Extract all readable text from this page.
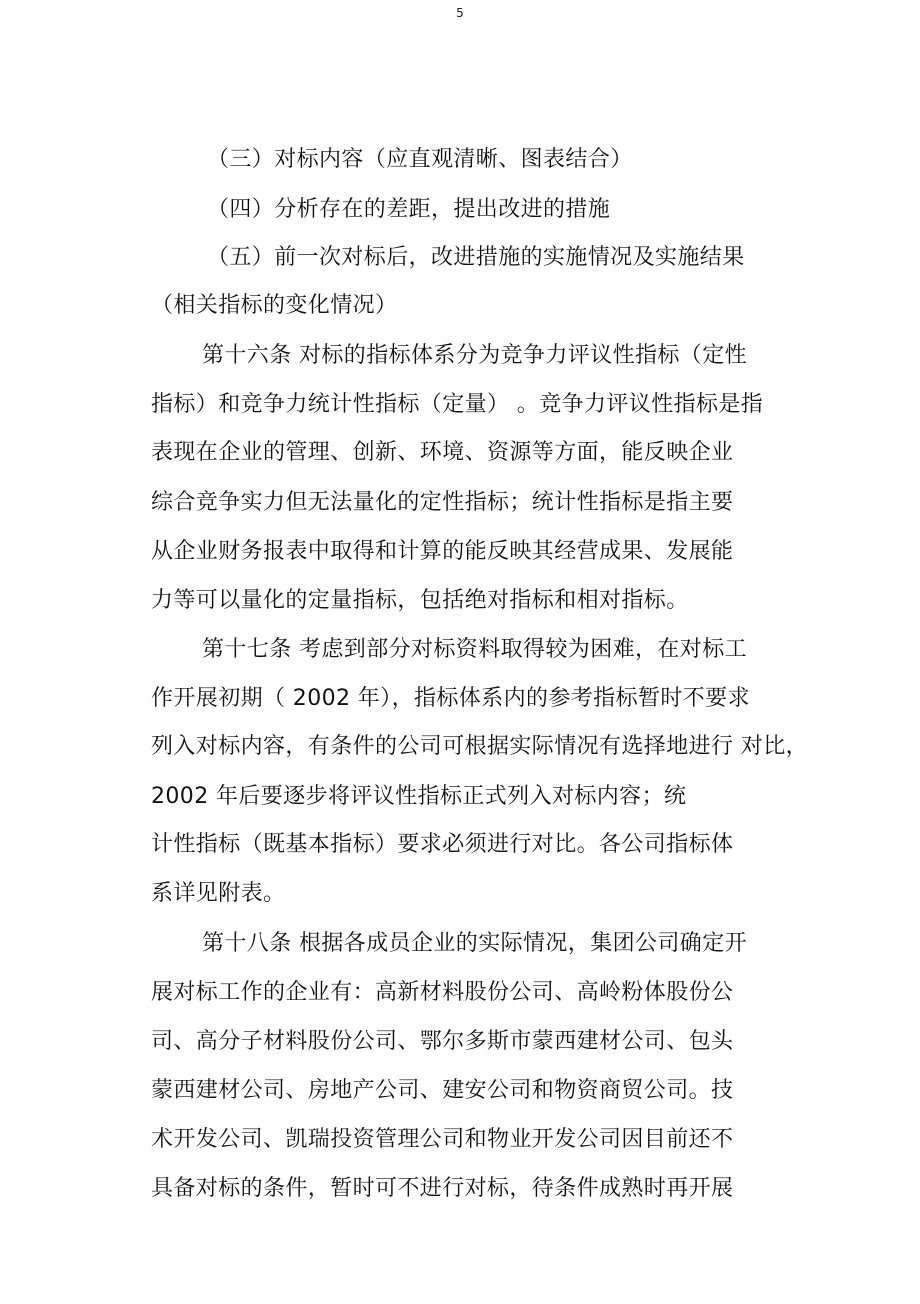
5
（三）对标内容（应直观清晰、图表结合）
（四）分析存在的差距，提出改进的措施
（五）前一次对标后，改进措施的实施情况及实施结果
（相关指标的变化情况）
第十六条 对标的指标体系分为竞争力评议性指标（定性
指标）和竞争力统计性指标（定量） 。竞争力评议性指标是指
表现在企业的管理、创新、环境、资源等方面，能反映企业
综合竞争实力但无法量化的定性指标；统计性指标是指主要
从企业财务报表中取得和计算的能反映其经营成果、发展能
力等可以量化的定量指标，包括绝对指标和相对指标。
第十七条 考虑到部分对标资料取得较为困难，在对标工
作开展初期（ 2002 年），指标体系内的参考指标暂时不要求
列入对标内容，有条件的公司可根据实际情况有选择地进行 对比，
2002 年后要逐步将评议性指标正式列入对标内容；统
计性指标（既基本指标）要求必须进行对比。各公司指标体
系详见附表。
第十八条 根据各成员企业的实际情况，集团公司确定开
展对标工作的企业有：高新材料股份公司、高岭粉体股份公
司、高分子材料股份公司、鄂尔多斯市蒙西建材公司、包头
蒙西建材公司、房地产公司、建安公司和物资商贸公司。技
术开发公司、凯瑞投资管理公司和物业开发公司因目前还不
具备对标的条件，暂时可不进行对标，待条件成熟时再开展
